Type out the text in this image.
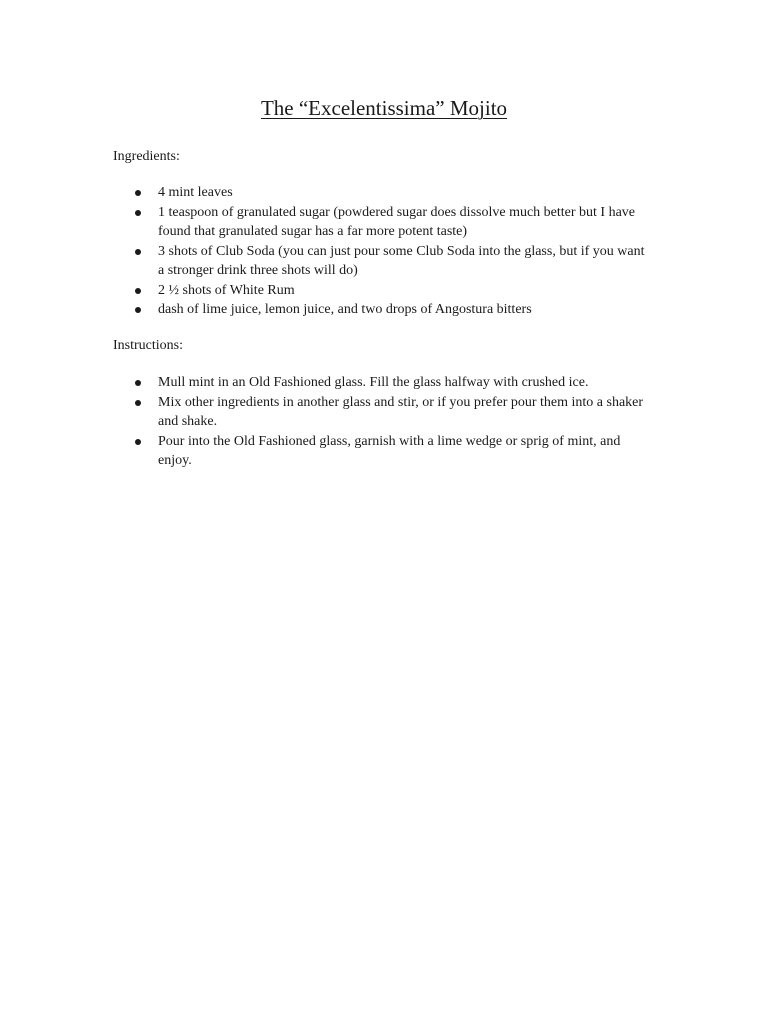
The “Excelentissima” Mojito
Ingredients:
4 mint leaves
1 teaspoon of granulated sugar (powdered sugar does dissolve much better but I have found that granulated sugar has a far more potent taste)
3 shots of Club Soda (you can just pour some Club Soda into the glass, but if you want a stronger drink three shots will do)
2 ½ shots of White Rum
dash of lime juice, lemon juice, and two drops of Angostura bitters
Instructions:
Mull mint in an Old Fashioned glass. Fill the glass halfway with crushed ice.
Mix other ingredients in another glass and stir, or if you prefer pour them into a shaker and shake.
Pour into the Old Fashioned glass, garnish with a lime wedge or sprig of mint, and enjoy.
